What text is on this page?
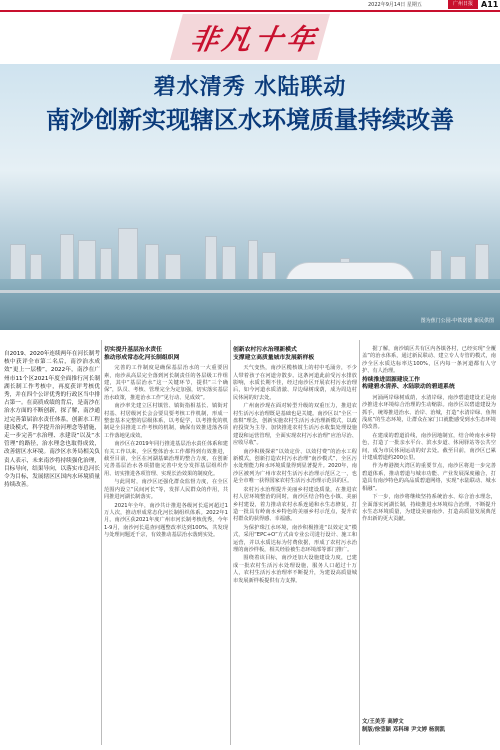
2022年9月14日 星期五	广州日报	A11
非
凡
十
年
碧水清秀 水陆联动
南沙创新实现辖区水环境质量持续改善
图为蕉门公园-中铁诺德 新民供图

自2019、2020年连续两年在河长制考核中获评全市第二名后，南沙治水成效“更上一层楼”，2022年，南沙在广州市11个区2021年度全面推行河长制湖长制工作考核中，再度获评考核优秀，并在四个公评优秀的行政区当中排占第一。在高质成绩的背后，是南沙在治水方面的不断创新，探了解，南沙通过完善第届治水责任体系，创新水工程建设模式，科学提升治河理念等措施，走一步完善“水治理、水建设”以及“水管理”的路径，治水理念也取得成效，改善辖区水环境。南沙区水务局相关负责人表示，未来南沙将持续强化治理，目标导向，结果导向，以落实市总河长令为目标，发展辖区区国内水环境质量持续改善。

切实提升基层治水责任
推动形成常态化河长制组织网

完善的工作制度是确保基层治水的一大重要因素，南沙从高层完全落到河长制责任的各层级工作组建，其中“基层治水”这一关键环节，提供“三个确保”，队员、考核、管理完全为定加强，切实落实基层治水政策，推进治水工作“见行动、见成效”。

南沙率先建立区村镇管、镇街指相基长、镇街对村基、村居级河长会会要员要考核工作机制，形成一整套基本完整的层级体系，以考促学，以考推优的机制是全县推进工作考核的机制，确保有效推进落各项工作落地见成效。

南沙区在2019年同行推进基层治水责任体系和建有关工作以来，全区整体治水工作都得到有效推进，截至目前，全区在河湖基础治理的整合力度，在创新完善基层治水各项措施完善中充分发挥基层组织作用、切实推进各项管理、实现长治效果的制度化。

与此同时，南沙区还强化群众监督力度，在全区范围内设立“民间河长”等，发挥人民群众的作用，共同推进河湖长制落实。

2021年全年，南沙共计推进各级河长巡河超过1万人次，推动形成常态化河长制组织体系。2022年1月，南沙区获2021年度广州市河长制考核优秀，今年1-9月，南沙河长巡查问题整改率达到100%，共发现与处理问题近千宗，有效推动基层治水落到实处。

创新农村污水治理新模式
支撑建立高质量城市发展新样板

天气变热，南沙区榄核镇上的村中毛涌旁，不少人带着孩子在河道旁散步。这条河道此前受污水排放影响，水质长期不佳，经过南沙区开展农村污水治理后，如今河道水质清澈、岸边绿树成荫，成为周边村民休闲的好去处。

广州南沙现在面对转型升级的双重压力，推进农村生活污水治理既是基础也是关键。南沙区以“全区一盘棋”理念，创新实施农村生活污水治理新模式，以政府投资为主导、加快推进农村生活污水收集处理设施建设和运营管理，全面实现农村污水治理“应治尽治、应收尽收”。

南沙积极探索“以效定价、以效付费”的治水工程新模式，创新打造农村污水治理“南沙模式”，全区污水处理能力和水环境质量得到显著提升。2020年，南沙区被列为广州市农村生活污水治理示范区之一，也是全市唯一获得国家农村生活污水治理示范县的区。

农村污水治理提升美丽乡村建设质量，在推进农村人居环境整治的同时，南沙区结合特色小镇、美丽乡村建设，着力推动农村水系连通和水生态修复，打造一批具有岭南水乡特色的美丽乡村示范点，提升农村群众的获得感、幸福感。

为保护珠江水环境，南沙积极推进“以效定支”模式，采用“EPC+O”方式由专业公司进行设计、施工和运营，并以水质达标为付费依据，形成了农村污水治理的南沙样板，相关经验被生态环境部等部门推广。

围绕着该目标，南沙还加大设施建设力度，已建成一批农村生活污水处理设施，服务人口超过十万人，农村生活污水治理率不断提升，为建设高质量城市发展新样板提供有力支撑。

据了解，南沙镇区共有区内各镇各村，已经实现“全覆盖”的治水体系，通过新民联动、建立专人专管的模式，南沙全区水质达标率达100%，区内每一条河道都有人守护、有人治理。

持续推进固源建设工作
构建碧水清养、水陆联动的碧道系统

河涌两岸绿树成荫，水清岸绿，南沙碧道建设正是南沙推进水环境综合治理的生动缩影。南沙区以碧道建设为抓手，统筹推进治水、治岸、治城，打造“水清岸绿、鱼翔浅底”的生态环境，让群众在家门口就能感受到水生态环境的改善。

在建成的碧道沿线，南沙因地制宜，结合岭南水乡特色，打造了一批亲水平台、滨水步道、休闲驿站等公共空间，成为市民休闲运动的好去处。截至目前，南沙区已累计建成碧道约200公里。

作为粤港澳大湾区的重要节点，南沙区将进一步完善碧道体系，推动碧道与城市功能、产业发展深度融合，打造具有南沙特色的高品质碧道网络，实现“水陆联动、城水相融”。

下一步，南沙将继续坚持系统治水、综合治水理念，全面落实河湖长制，持续推进水环境综合治理，不断提升水生态环境质量，为建设美丽南沙、打造高质量发展典范作出新的更大贡献。

文/王美芳 高婷文
制版/徐莹颖 邓科璋 尹文婷 杨润凯
